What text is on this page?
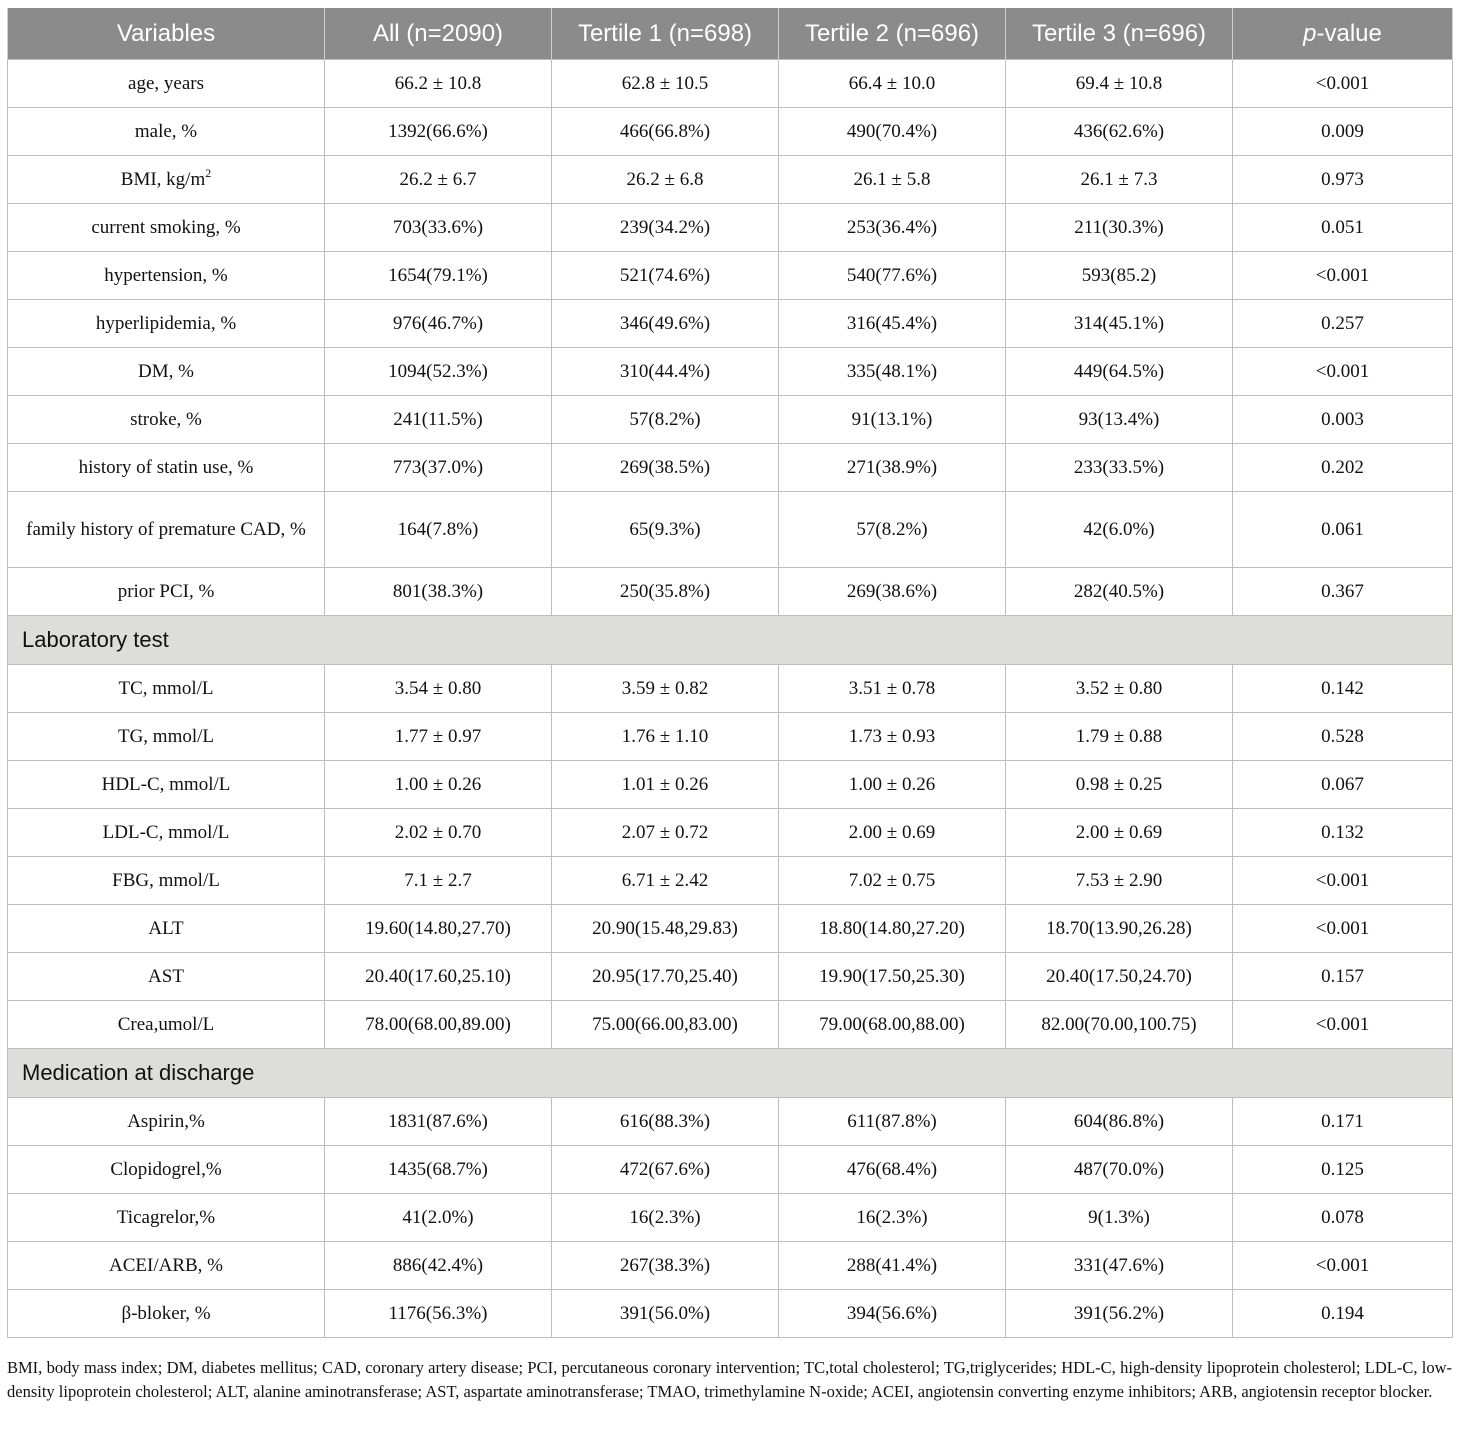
Variables	All (n=2090)	Tertile 1 (n=698)	Tertile 2 (n=696)	Tertile 3 (n=696)	p-value
age, years	66.2 ± 10.8	62.8 ± 10.5	66.4 ± 10.0	69.4 ± 10.8	<0.001
male, %	1392(66.6%)	466(66.8%)	490(70.4%)	436(62.6%)	0.009
BMI, $kg/m^2$	26.2 ± 6.7	26.2 ± 6.8	26.1 ± 5.8	26.1 ± 7.3	0.973
current smoking, %	703(33.6%)	239(34.2%)	253(36.4%)	211(30.3%)	0.051
hypertension, %	1654(79.1%)	521(74.6%)	540(77.6%)	593(85.2)	<0.001
hyperlipidemia, %	976(46.7%)	346(49.6%)	316(45.4%)	314(45.1%)	0.257
DM, %	1094(52.3%)	310(44.4%)	335(48.1%)	449(64.5%)	<0.001
stroke, %	241(11.5%)	57(8.2%)	91(13.1%)	93(13.4%)	0.003
history of statin use, %	773(37.0%)	269(38.5%)	271(38.9%)	233(33.5%)	0.202
family history of premature CAD, %	164(7.8%)	65(9.3%)	57(8.2%)	42(6.0%)	0.061
prior PCI, %	801(38.3%)	250(35.8%)	269(38.6%)	282(40.5%)	0.367
Laboratory test					
TC, mmol/L	3.54 ± 0.80	3.59 ± 0.82	3.51 ± 0.78	3.52 ± 0.80	0.142
TG, mmol/L	1.77 ± 0.97	1.76 ± 1.10	1.73 ± 0.93	1.79 ± 0.88	0.528
HDL-C, mmol/L	1.00 ± 0.26	1.01 ± 0.26	1.00 ± 0.26	0.98 ± 0.25	0.067
LDL-C, mmol/L	2.02 ± 0.70	2.07 ± 0.72	2.00 ± 0.69	2.00 ± 0.69	0.132
FBG, mmol/L	7.1 ± 2.7	6.71 ± 2.42	7.02 ± 0.75	7.53 ± 2.90	<0.001
ALT	19.60(14.80,27.70)	20.90(15.48,29.83)	18.80(14.80,27.20)	18.70(13.90,26.28)	<0.001
AST	20.40(17.60,25.10)	20.95(17.70,25.40)	19.90(17.50,25.30)	20.40(17.50,24.70)	0.157
Crea,umol/L	78.00(68.00,89.00)	75.00(66.00,83.00)	79.00(68.00,88.00)	82.00(70.00,100.75)	<0.001
Medication at discharge					
Aspirin,%	1831(87.6%)	616(88.3%)	611(87.8%)	604(86.8%)	0.171
Clopidogrel,%	1435(68.7%)	472(67.6%)	476(68.4%)	487(70.0%)	0.125
Ticagrelor,%	41(2.0%)	16(2.3%)	16(2.3%)	9(1.3%)	0.078
ACEI/ARB, %	886(42.4%)	267(38.3%)	288(41.4%)	331(47.6%)	<0.001
β-bloker, %	1176(56.3%)	391(56.0%)	394(56.6%)	391(56.2%)	0.194
BMI, body mass index; DM, diabetes mellitus; CAD, coronary artery disease; PCI, percutaneous coronary intervention; TC,total cholesterol; TG,triglycerides; HDL-C, high-density lipoprotein cholesterol; LDL-C, low-density lipoprotein cholesterol; ALT, alanine aminotransferase; AST, aspartate aminotransferase; TMAO, trimethylamine N-oxide; ACEI, angiotensin converting enzyme inhibitors; ARB, angiotensin receptor blocker.
